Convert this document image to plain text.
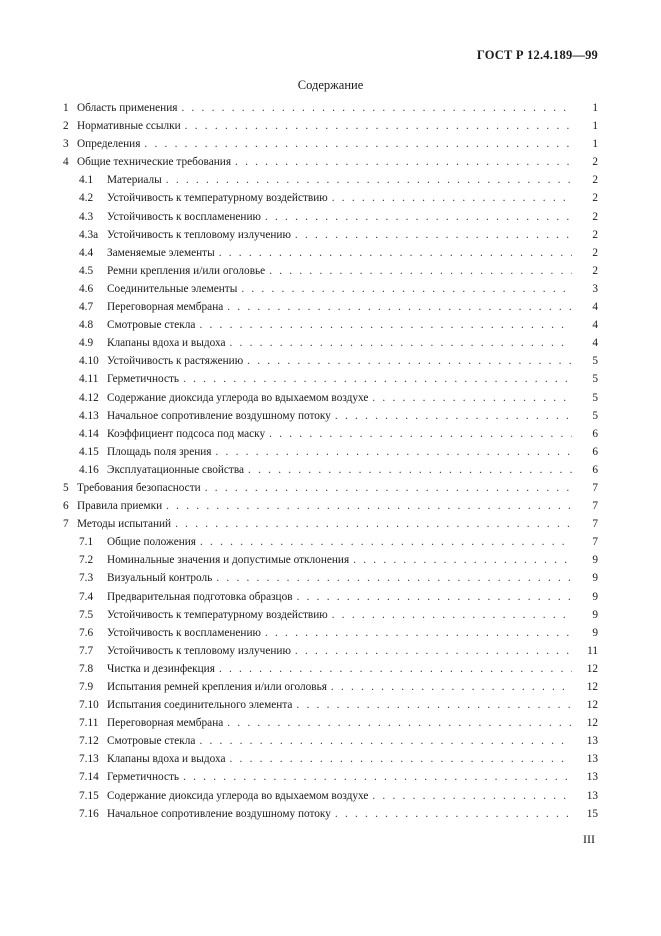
ГОСТ Р 12.4.189—99
Содержание
1 Область применения . . .	1
2 Нормативные ссылки . . .	1
3 Определения . . .	1
4 Общие технические требования . . .	2
4.1	Материалы . . .	2
4.2	Устойчивость к температурному воздействию . . .	2
4.3	Устойчивость к воспламенению . . .	2
4.3a Устойчивость к тепловому излучению . . .	2
4.4	Заменяемые элементы . . .	2
4.5	Ремни крепления и/или оголовье . . .	2
4.6	Соединительные элементы . . .	3
4.7	Переговорная мембрана . . .	4
4.8	Смотровые стекла . . .	4
4.9	Клапаны вдоха и выдоха . . .	4
4.10 Устойчивость к растяжению . . .	5
4.11 Герметичность . . .	5
4.12 Содержание диоксида углерода во вдыхаемом воздухе . . .	5
4.13 Начальное сопротивление воздушному потоку . . .	5
4.14 Коэффициент подсоса под маску . . .	6
4.15 Площадь поля зрения . . .	6
4.16 Эксплуатационные свойства . . .	6
5 Требования безопасности . . .	7
6 Правила приемки . . .	7
7 Методы испытаний . . .	7
7.1	Общие положения . . .	7
7.2	Номинальные значения и допустимые отклонения . . .	9
7.3	Визуальный контроль . . .	9
7.4	Предварительная подготовка образцов . . .	9
7.5	Устойчивость к температурному воздействию . . .	9
7.6	Устойчивость к воспламенению . . .	9
7.7	Устойчивость к тепловому излучению . . .	11
7.8	Чистка и дезинфекция . . .	12
7.9	Испытания ремней крепления и/или оголовья . . .	12
7.10 Испытания соединительного элемента . . .	12
7.11 Переговорная мембрана . . .	12
7.12 Смотровые стекла . . .	13
7.13 Клапаны вдоха и выдоха . . .	13
7.14 Герметичность . . .	13
7.15 Содержание диоксида углерода во вдыхаемом воздухе . . .	13
7.16 Начальное сопротивление воздушному потоку . . .	15
III
